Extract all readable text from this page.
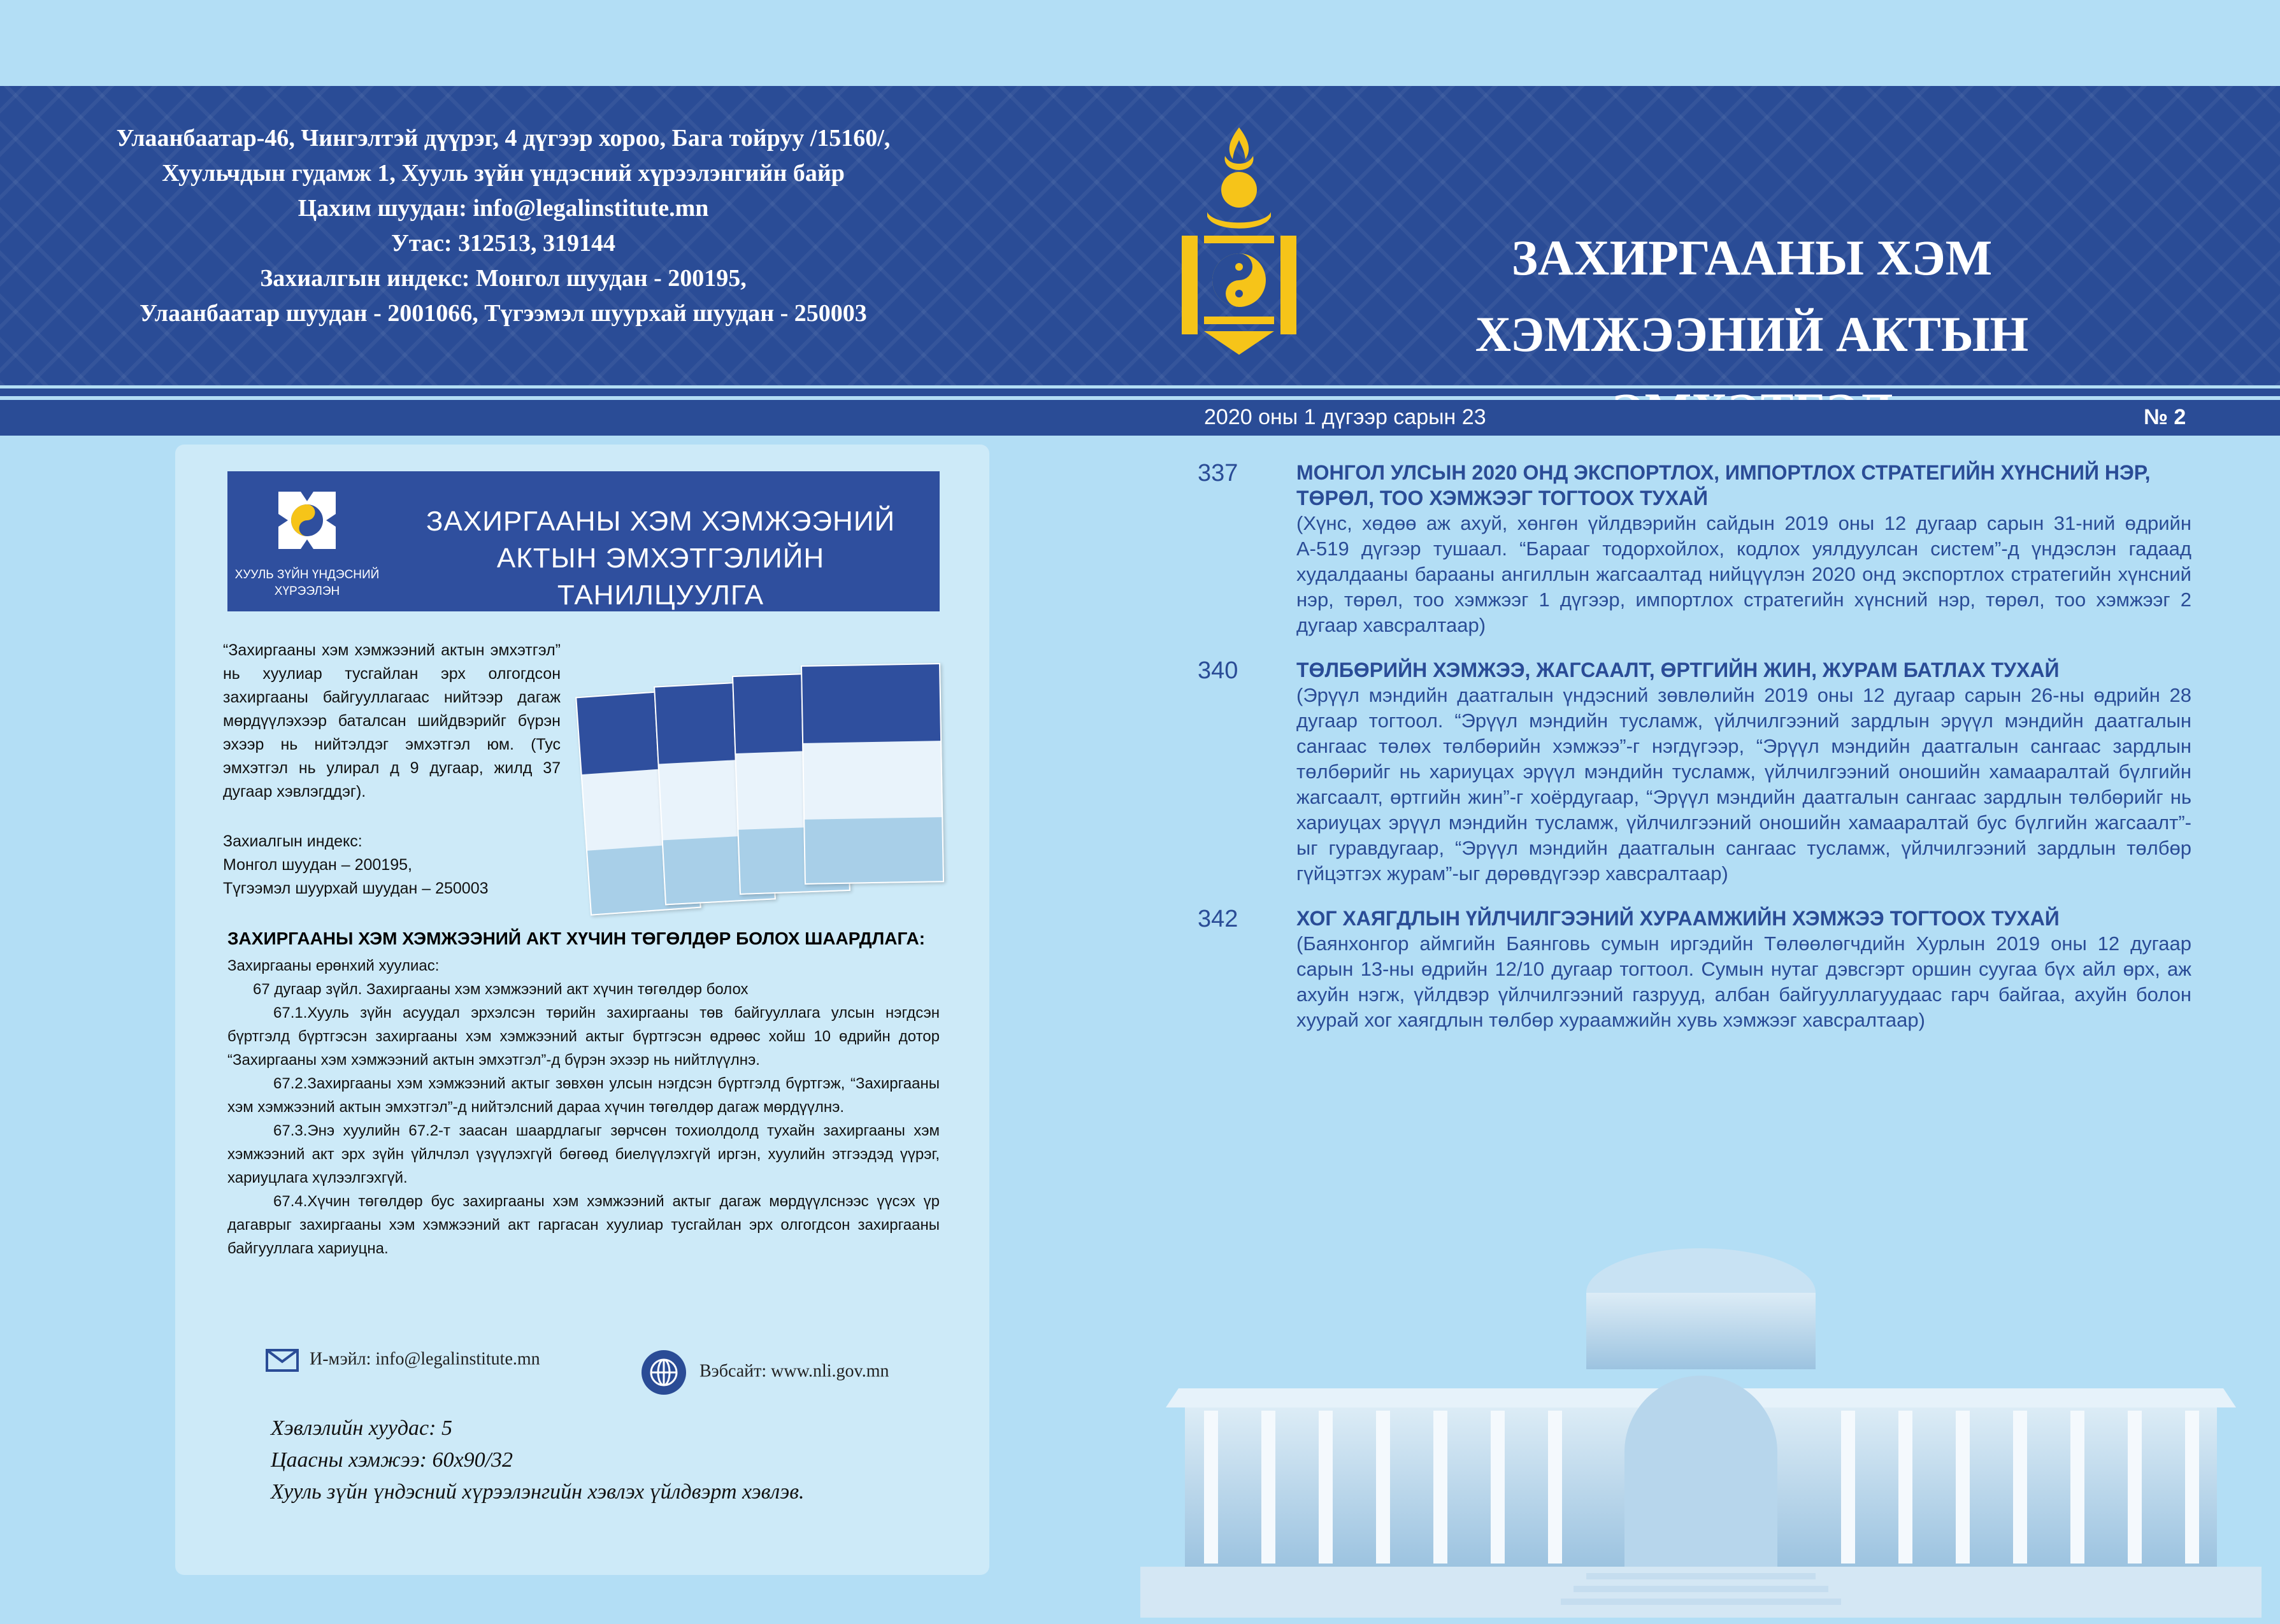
Улаанбаатар-46, Чингэлтэй дүүрэг, 4 дүгээр хороо, Бага тойруу /15160/,
Хуульчдын гудамж 1, Хууль зүйн үндэсний хүрээлэнгийн байр
Цахим шуудан: info@legalinstitute.mn
Утас: 312513, 319144
Захиалгын индекс: Монгол шуудан - 200195,
Улаанбаатар шуудан - 2001066, Түгээмэл шуурхай шуудан - 250003
ЗАХИРГААНЫ ХЭМ
ХЭМЖЭЭНИЙ АКТЫН
2020 оны 1 дүгээр сарын 23	№ 2
ХУУЛЬ ЗҮЙН ҮНДЭСНИЙ
ХҮРЭЭЛЭН
ЗАХИРГААНЫ ХЭМ ХЭМЖЭЭНИЙ
АКТЫН ЭМХЭТГЭЛИЙН ТАНИЛЦУУЛГА
“Захиргааны хэм хэмжээний актын эмхэтгэл” нь хуулиар тусгайлан эрх олгогдсон захиргааны байгууллагаас нийтээр дагаж мөрдүүлэхээр баталсан шийдвэрийг бүрэн эхээр нь нийтэлдэг эмхэтгэл юм. (Тус эмхэтгэл нь улирал д 9 дугаар, жилд 37 дугаар хэвлэгддэг).
Захиалгын индекс:
Монгол шуудан – 200195,
Түгээмэл шуурхай шуудан – 250003
ЗАХИРГААНЫ ХЭМ ХЭМЖЭЭНИЙ АКТ ХҮЧИН ТӨГӨЛДӨР БОЛОХ ШААРДЛАГА:

Захиргааны ерөнхий хуулиас:

67 дугаар зүйл. Захиргааны хэм хэмжээний акт хүчин төгөлдөр болох

67.1.Хууль зүйн асуудал эрхэлсэн төрийн захиргааны төв байгууллага улсын нэгдсэн бүртгэлд бүртгэсэн захиргааны хэм хэмжээний актыг бүртгэсэн өдрөөс хойш 10 өдрийн дотор “Захиргааны хэм хэмжээний актын эмхэтгэл”-д бүрэн эхээр нь нийтлүүлнэ.

67.2.Захиргааны хэм хэмжээний актыг зөвхөн улсын нэгдсэн бүртгэлд бүртгэж, “Захиргааны хэм хэмжээний актын эмхэтгэл”-д нийтэлсний дараа хүчин төгөлдөр дагаж мөрдүүлнэ.

67.3.Энэ хуулийн 67.2-т заасан шаардлагыг зөрчсөн тохиолдолд тухайн захиргааны хэм хэмжээний акт эрх зүйн үйлчлэл үзүүлэхгүй бөгөөд биелүүлэхгүй иргэн, хуулийн этгээдэд үүрэг, хариуцлага хүлээлгэхгүй.

67.4.Хүчин төгөлдөр бус захиргааны хэм хэмжээний актыг дагаж мөрдүүлснээс үүсэх үр дагаврыг захиргааны хэм хэмжээний акт гаргасан хуулиар тусгайлан эрх олгогдсон захиргааны байгууллага хариуцна.

И-мэйл: info@legalinstitute.mn
Вэбсайт: www.nli.gov.mn
Хэвлэлийн хуудас: 5
Цаасны хэмжээ: 60x90/32
Хууль зүйн үндэсний хүрээлэнгийн хэвлэх үйлдвэрт хэвлэв.
337	МОНГОЛ УЛСЫН 2020 ОНД ЭКСПОРТЛОХ, ИМПОРТЛОХ СТРАТЕГИЙН ХҮНСНИЙ НЭР, ТӨРӨЛ, ТОО ХЭМЖЭЭГ ТОГТООХ ТУХАЙ
(Хүнс, хөдөө аж ахуй, хөнгөн үйлдвэрийн сайдын 2019 оны 12 дугаар сарын 31-ний өдрийн А-519 дүгээр тушаал. “Барааг тодорхойлох, кодлох уялдуулсан систем”-д үндэслэн гадаад худалдааны барааны ангиллын жагсаалтад нийцүүлэн 2020 онд экспортлох стратегийн хүнсний нэр, төрөл, тоо хэмжээг 1 дүгээр, импортлох стратегийн хүнсний нэр, төрөл, тоо хэмжээг 2 дугаар хавсралтаар)
340	ТӨЛБӨРИЙН ХЭМЖЭЭ, ЖАГСААЛТ, ӨРТГИЙН ЖИН, ЖУРАМ БАТЛАХ ТУХАЙ
(Эрүүл мэндийн даатгалын үндэсний зөвлөлийн 2019 оны 12 дугаар сарын 26-ны өдрийн 28 дугаар тогтоол. “Эрүүл мэндийн тусламж, үйлчилгээний зардлын эрүүл мэндийн даатгалын сангаас төлөх төлбөрийн хэмжээ”-г нэгдүгээр, “Эрүүл мэндийн даатгалын сангаас зардлын төлбөрийг нь хариуцах эрүүл мэндийн тусламж, үйлчилгээний оношийн хамааралтай бүлгийн жагсаалт, өртгийн жин”-г хоёрдугаар, “Эрүүл мэндийн даатгалын сангаас зардлын төлбөрийг нь хариуцах эрүүл мэндийн тусламж, үйлчилгээний оношийн хамааралтай бус бүлгийн жагсаалт”-ыг гуравдугаар, “Эрүүл мэндийн даатгалын сангаас тусламж, үйлчилгээний зардлын төлбөр гүйцэтгэх журам”-ыг дөрөвдүгээр хавсралтаар)
342	ХОГ ХАЯГДЛЫН ҮЙЛЧИЛГЭЭНИЙ ХУРААМЖИЙН ХЭМЖЭЭ ТОГТООХ ТУХАЙ
(Баянхонгор аймгийн Баянговь сумын иргэдийн Төлөөлөгчдийн Хурлын 2019 оны 12 дугаар сарын 13-ны өдрийн 12/10 дугаар тогтоол. Сумын нутаг дэвсгэрт оршин суугаа бүх айл өрх, аж ахуйн нэгж, үйлдвэр үйлчилгээний газрууд, албан байгууллагуудаас гарч байгаа, ахуйн болон хуурай хог хаягдлын төлбөр хураамжийн хувь хэмжээг хавсралтаар)
